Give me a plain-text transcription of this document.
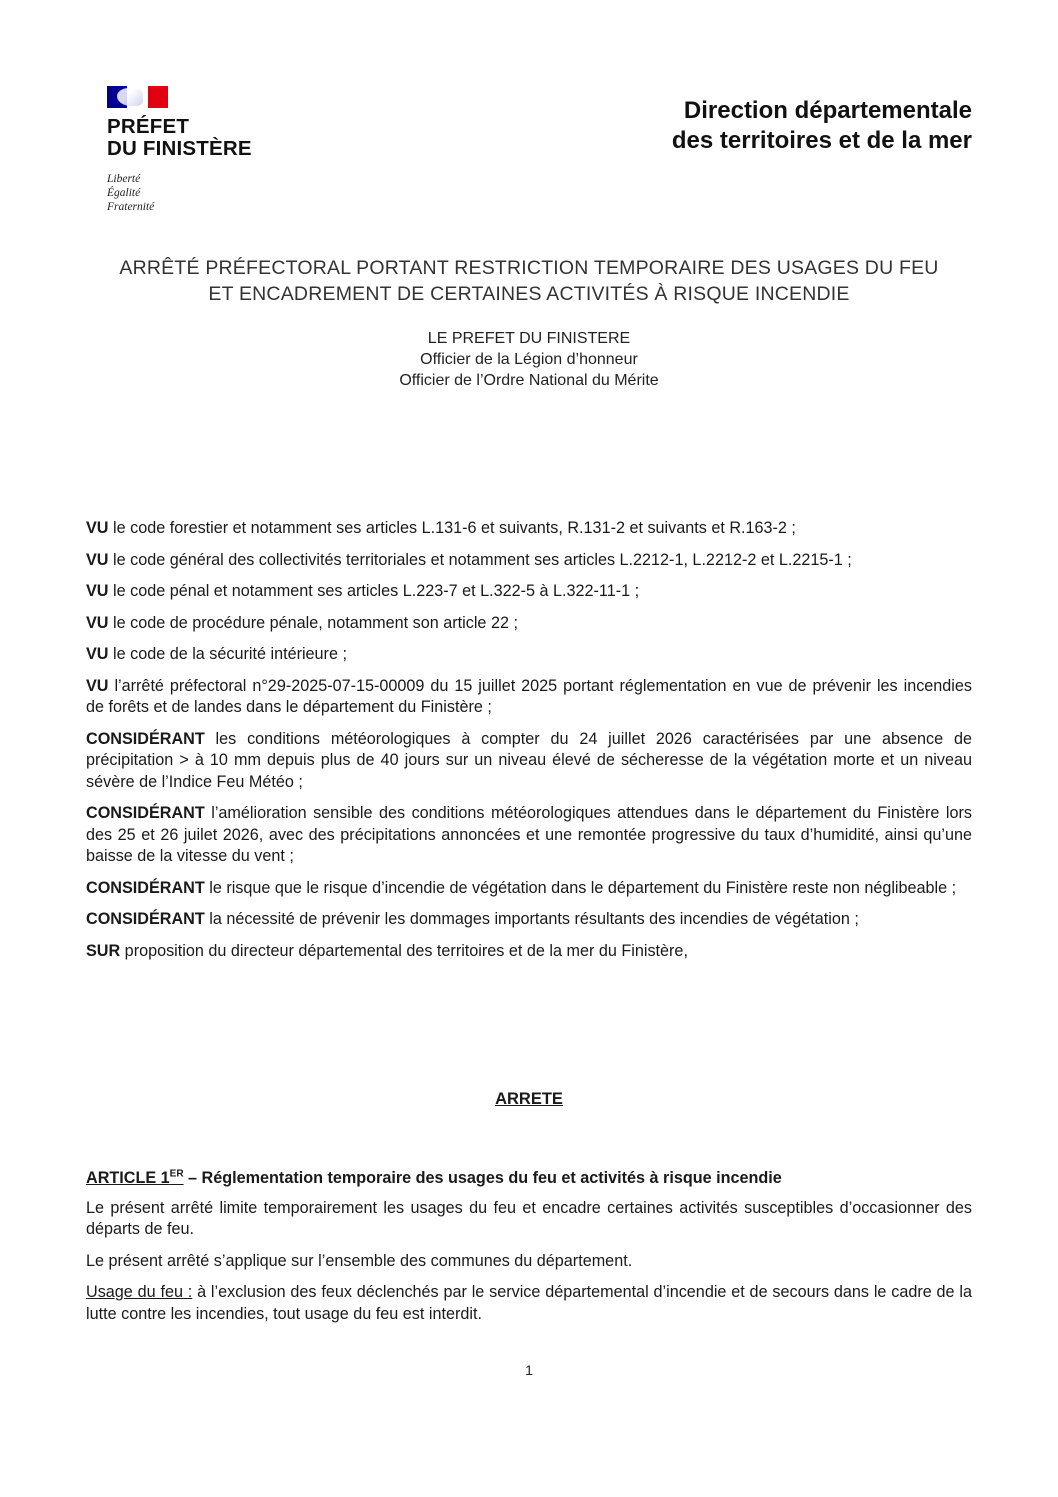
PRÉFET
DU FINISTÈRE
Liberté
Égalité
Fraternité
Direction départementale
des territoires et de la mer
ARRÊTÉ PRÉFECTORAL PORTANT RESTRICTION TEMPORAIRE DES USAGES DU FEU
ET ENCADREMENT DE CERTAINES ACTIVITÉS À RISQUE INCENDIE
LE PREFET DU FINISTERE
Officier de la Légion d’honneur
Officier de l’Ordre National du Mérite

VU le code forestier et notamment ses articles L.131-6 et suivants, R.131-2 et suivants et R.163-2 ;

VU le code général des collectivités territoriales et notamment ses articles L.2212-1, L.2212-2 et L.2215-1 ;

VU le code pénal et notamment ses articles L.223-7 et L.322-5 à L.322-11-1 ;

VU le code de procédure pénale, notamment son article 22 ;

VU le code de la sécurité intérieure ;

VU l’arrêté préfectoral n°29-2025-07-15-00009 du 15 juillet 2025 portant réglementation en vue de prévenir les incendies de forêts et de landes dans le département du Finistère ;

CONSIDÉRANT les conditions météorologiques à compter du 24 juillet 2026 caractérisées par une absence de précipitation > à 10 mm depuis plus de 40 jours sur un niveau élevé de sécheresse de la végétation morte et un niveau sévère de l’Indice Feu Météo ;

CONSIDÉRANT l’amélioration sensible des conditions météorologiques attendues dans le département du Finistère lors des 25 et 26 juilet 2026, avec des précipitations annoncées et une remontée progressive du taux d’humidité, ainsi qu’une baisse de la vitesse du vent ;

CONSIDÉRANT le risque que le risque d’incendie de végétation dans le département du Finistère reste non néglibeable ;

CONSIDÉRANT la nécessité de prévenir les dommages importants résultants des incendies de végétation ;

SUR proposition du directeur départemental des territoires et de la mer du Finistère,

ARRETE

ARTICLE 1ER – Réglementation temporaire des usages du feu et activités à risque incendie

Le présent arrêté limite temporairement les usages du feu et encadre certaines activités susceptibles d’occasionner des départs de feu.

Le présent arrêté s’applique sur l’ensemble des communes du département.

Usage du feu : à l’exclusion des feux déclenchés par le service départemental d’incendie et de secours dans le cadre de la lutte contre les incendies, tout usage du feu est interdit.

1
